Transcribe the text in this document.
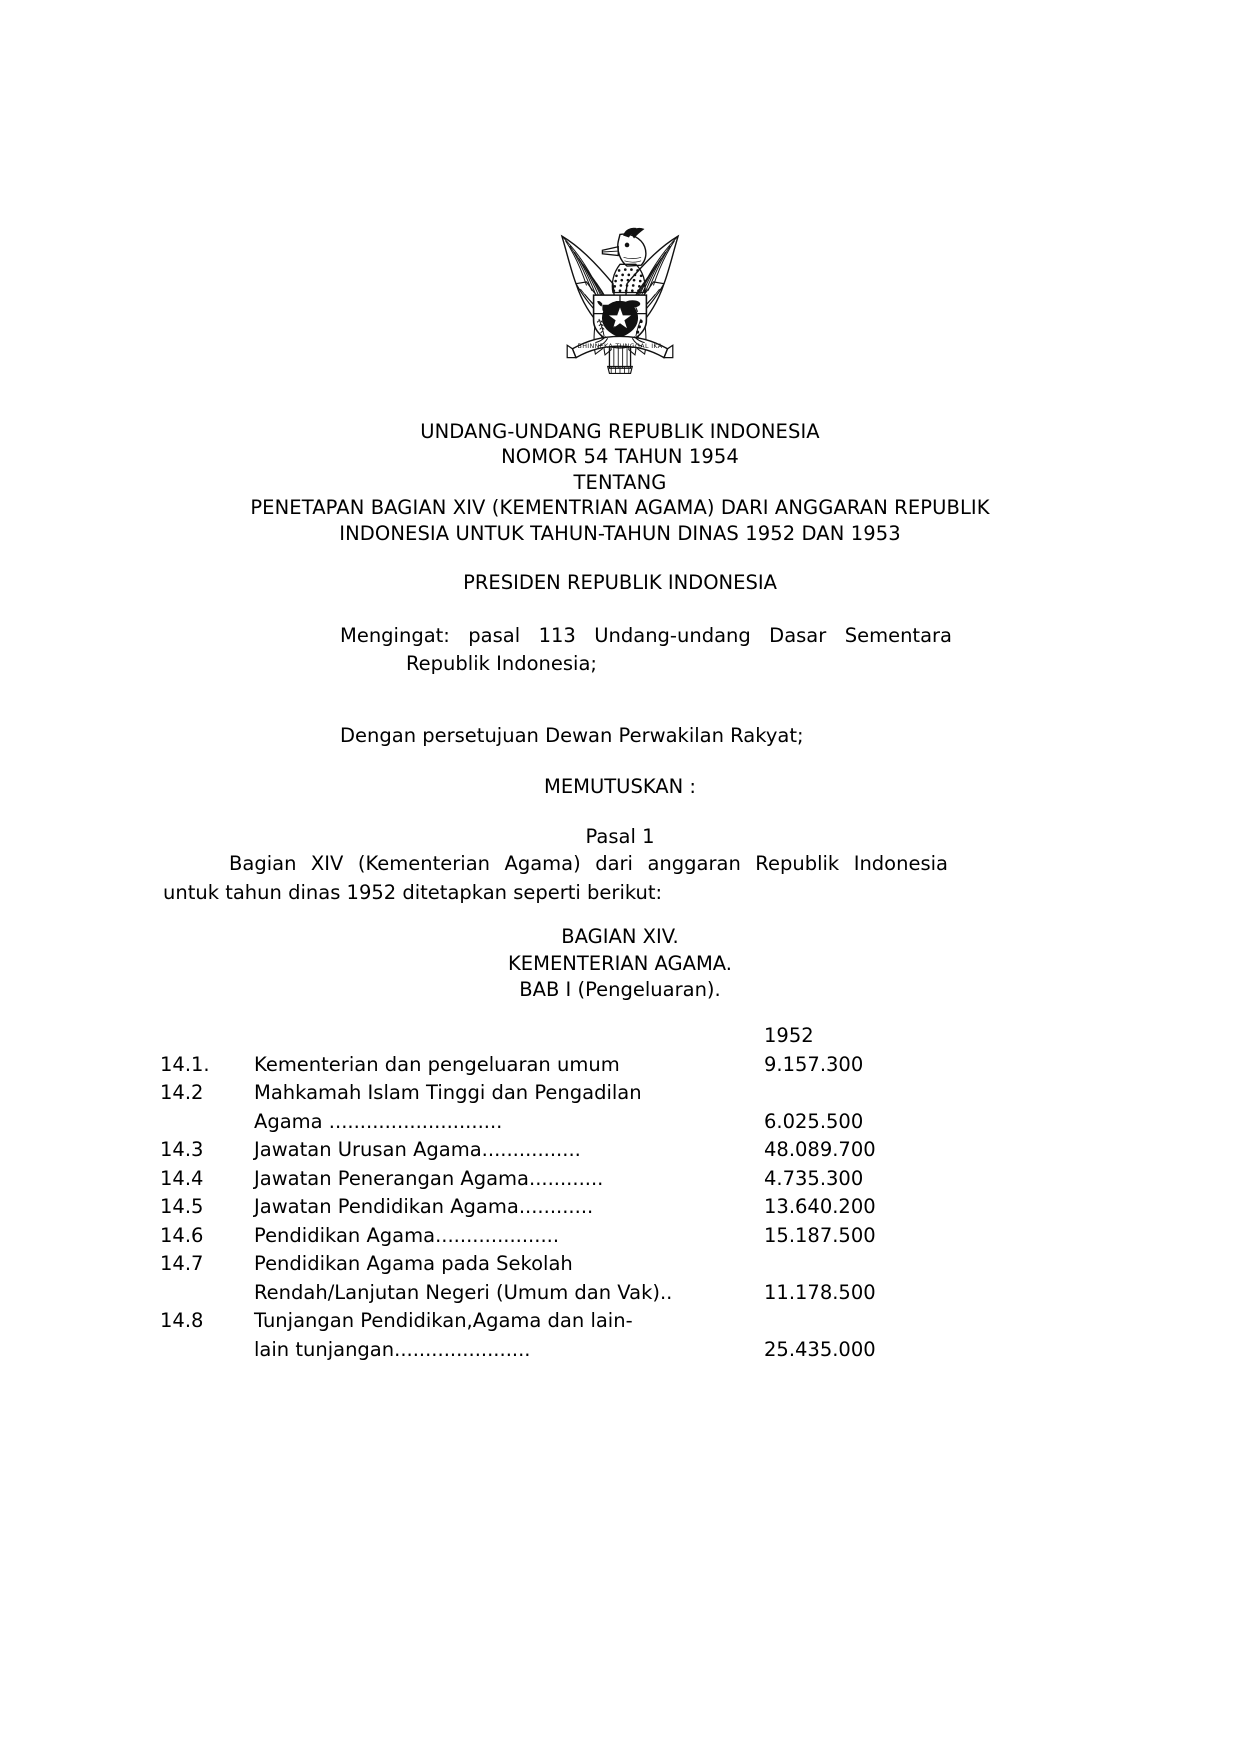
BHINNEKA TUNGGAL IKA
UNDANG-UNDANG REPUBLIK INDONESIA
NOMOR 54 TAHUN 1954
TENTANG
PENETAPAN BAGIAN XIV (KEMENTRIAN AGAMA) DARI ANGGARAN REPUBLIK
INDONESIA UNTUK TAHUN-TAHUN DINAS 1952 DAN 1953
PRESIDEN REPUBLIK INDONESIA
Mengingat: pasal 113 Undang-undang Dasar Sementara
Republik Indonesia;
Dengan persetujuan Dewan Perwakilan Rakyat;
MEMUTUSKAN :
Pasal 1
Bagian XIV (Kementerian Agama) dari anggaran Republik Indonesia untuk tahun dinas 1952 ditetapkan seperti berikut:
BAGIAN XIV.
KEMENTERIAN AGAMA.
BAB I (Pengeluaran).
		1952
14.1.	Kementerian dan pengeluaran umum	9.157.300
14.2	Mahkamah Islam Tinggi dan Pengadilan	
	Agama ............................	6.025.500
14.3	Jawatan Urusan Agama................	48.089.700
14.4	Jawatan Penerangan Agama............	4.735.300
14.5	Jawatan Pendidikan Agama............	13.640.200
14.6	Pendidikan Agama....................	15.187.500
14.7	Pendidikan Agama pada Sekolah	
	Rendah/Lanjutan Negeri (Umum dan Vak)..	11.178.500
14.8	Tunjangan Pendidikan,Agama dan lain-	
	lain tunjangan......................	25.435.000
